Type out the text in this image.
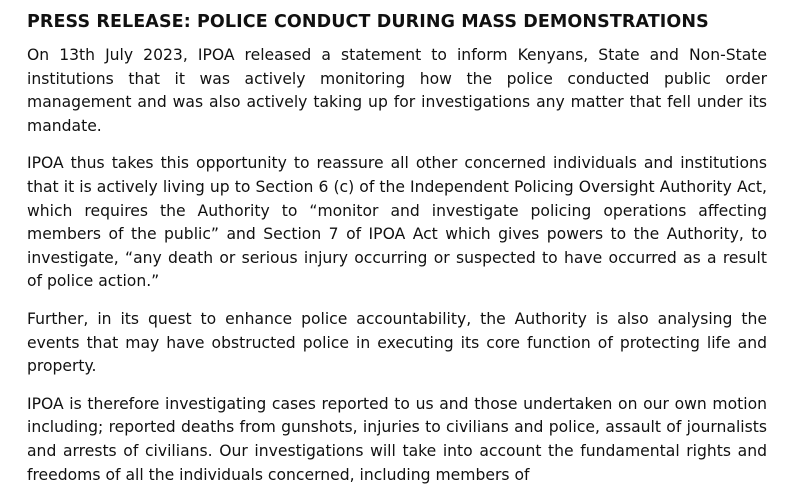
PRESS RELEASE: POLICE CONDUCT DURING MASS DEMONSTRATIONS

On 13th July 2023, IPOA released a statement to inform Kenyans, State and Non-State institutions that it was actively monitoring how the police conducted public order management and was also actively taking up for investigations any matter that fell under its mandate.

IPOA thus takes this opportunity to reassure all other concerned individuals and institutions that it is actively living up to Section 6 (c) of the Independent Policing Oversight Authority Act, which requires the Authority to “monitor and investigate policing operations affecting members of the public” and Section 7 of IPOA Act which gives powers to the Authority, to investigate, “any death or serious injury occurring or suspected to have occurred as a result of police action.”

Further, in its quest to enhance police accountability, the Authority is also analysing the events that may have obstructed police in executing its core function of protecting life and property.

IPOA is therefore investigating cases reported to us and those undertaken on our own motion including; reported deaths from gunshots, injuries to civilians and police, assault of journalists and arrests of civilians. Our investigations will take into account the fundamental rights and freedoms of all the individuals concerned, including members of
